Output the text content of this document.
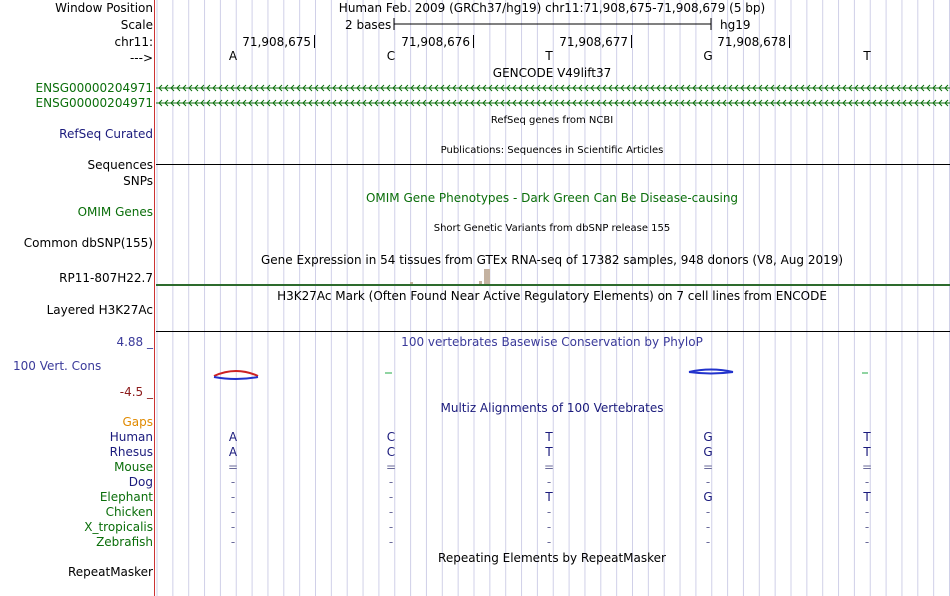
Window Position
Scale
chr11:
--->
Human Feb. 2009 (GRCh37/hg19) chr11:71,908,675-71,908,679 (5 bp)
2 bases	hg19
71,908,675	71,908,676	71,908,677	71,908,678
A	C	T	G	T
GENCODE V49lift37
ENSG00000204971
ENSG00000204971
RefSeq genes from NCBI
RefSeq Curated
Publications: Sequences in Scientific Articles
Sequences
SNPs
OMIM Gene Phenotypes - Dark Green Can Be Disease-causing
OMIM Genes
Short Genetic Variants from dbSNP release 155
Common dbSNP(155)
Gene Expression in 54 tissues from GTEx RNA-seq of 17382 samples, 948 donors (V8, Aug 2019)
RP11-807H22.7
H3K27Ac Mark (Often Found Near Active Regulatory Elements) on 7 cell lines from ENCODE
Layered H3K27Ac
100 vertebrates Basewise Conservation by PhyloP
4.88 _
100 Vert. Cons
-4.5 _
Multiz Alignments of 100 Vertebrates
Gaps
Human	A	C	T	G	T
Rhesus	A	C	T	G	T
Mouse	=	=	=	=	=
Dog	-	-	-	-	-
Elephant	-	-	T	G	T
Chicken	-	-	-	-	-
X_tropicalis	-	-	-	-	-
Zebrafish	-	-	-	-	-
Repeating Elements by RepeatMasker
RepeatMasker
